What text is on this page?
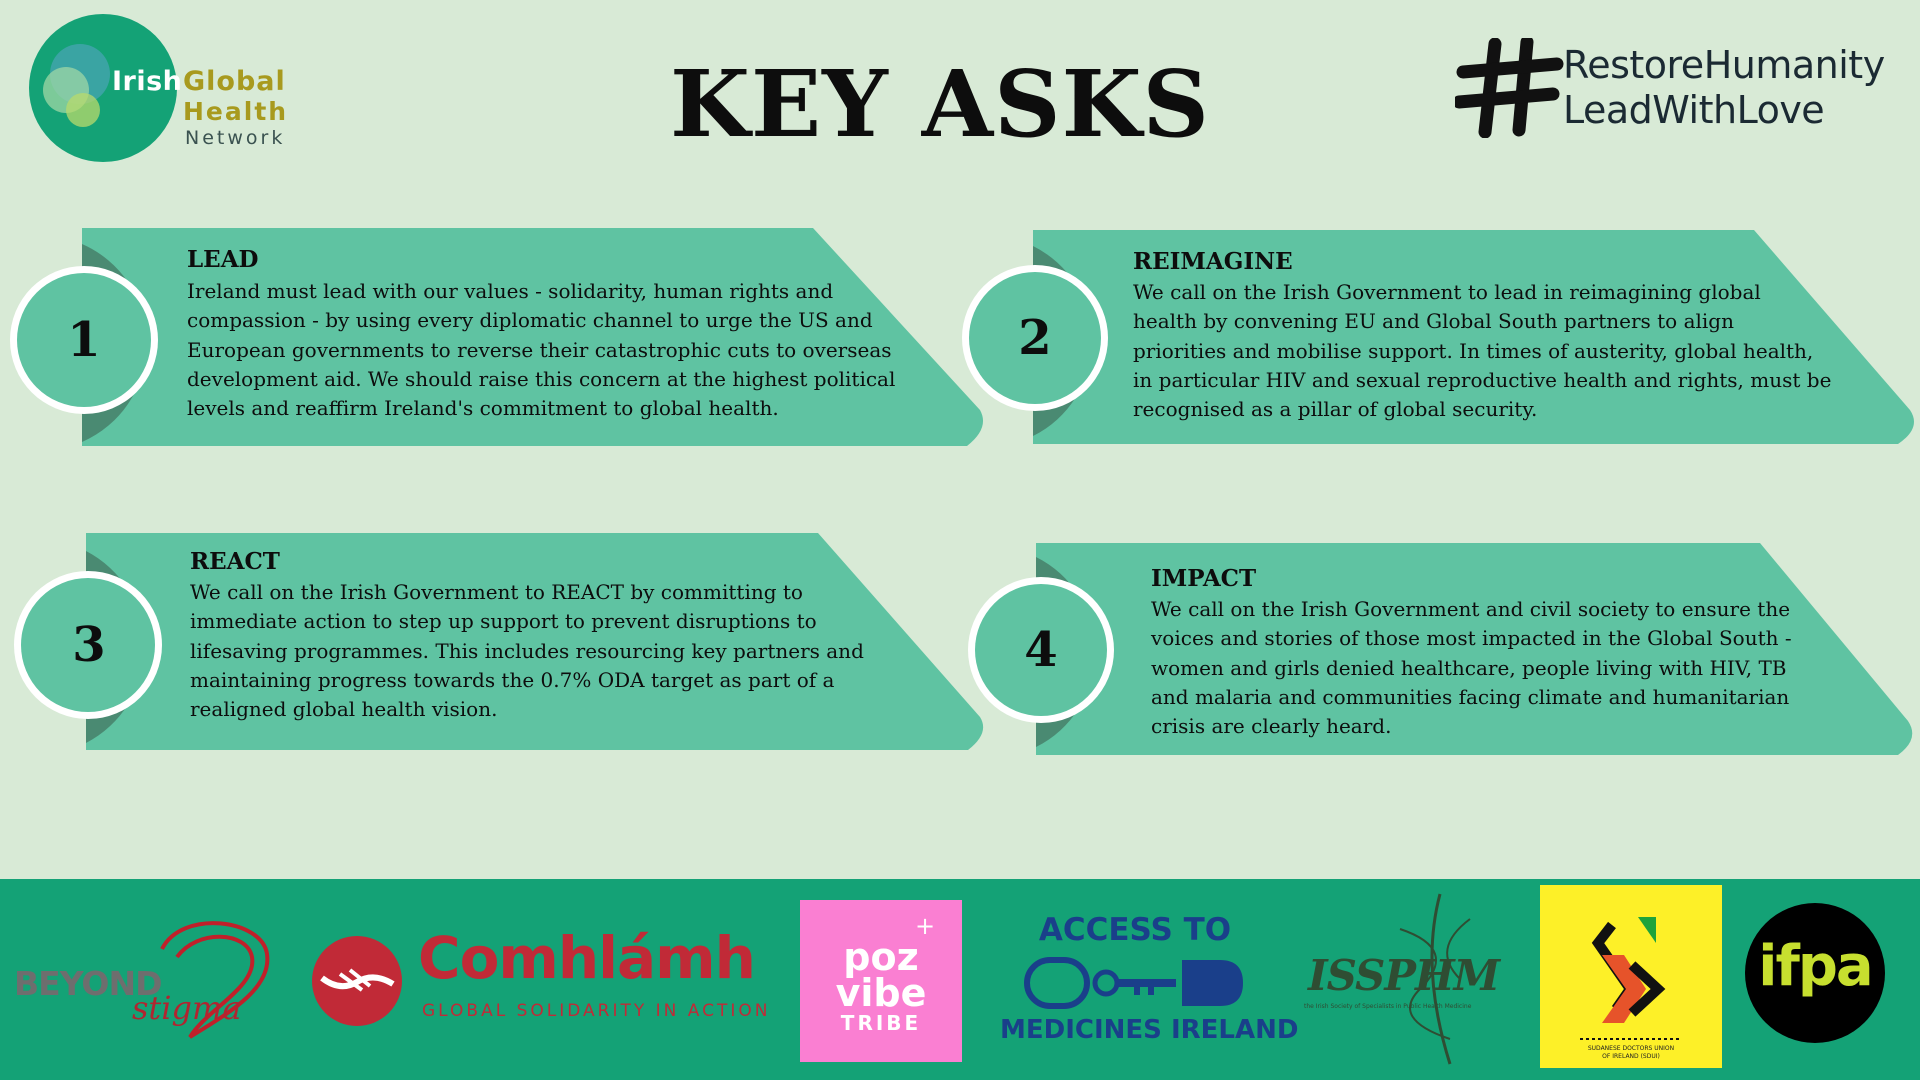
Irish Global
Health
Network	KEY ASKS	RestoreHumanity
LeadWithLove
1
LEAD
Ireland must lead with our values - solidarity, human rights and
compassion - by using every diplomatic channel to urge the US and
European governments to reverse their catastrophic cuts to overseas
development aid. We should raise this concern at the highest political
levels and reaffirm Ireland's commitment to global health.
2
REIMAGINE
We call on the Irish Government to lead in reimagining global
health by convening EU and Global South partners to align
priorities and mobilise support. In times of austerity, global health,
in particular HIV and sexual reproductive health and rights, must be
recognised as a pillar of global security.
3
REACT
We call on the Irish Government to REACT by committing to
immediate action to step up support to prevent disruptions to
lifesaving programmes. This includes resourcing key partners and
maintaining progress towards the 0.7% ODA target as part of a
realigned global health vision.
4
IMPACT
We call on the Irish Government and civil society to ensure the
voices and stories of those most impacted in the Global South -
women and girls denied healthcare, people living with HIV, TB
and malaria and communities facing climate and humanitarian
crisis are clearly heard.
BEYOND
stigma
Comhlámh
GLOBAL SOLIDARITY IN ACTION
poz
vibe
TRIBE
+	ACCESS TO
MEDICINES IRELAND
ISSPHM
the Irish Society of Specialists in Public Health Medicine
SUDANESE DOCTORS UNION
OF IRELAND (SDUI)
ifpa
